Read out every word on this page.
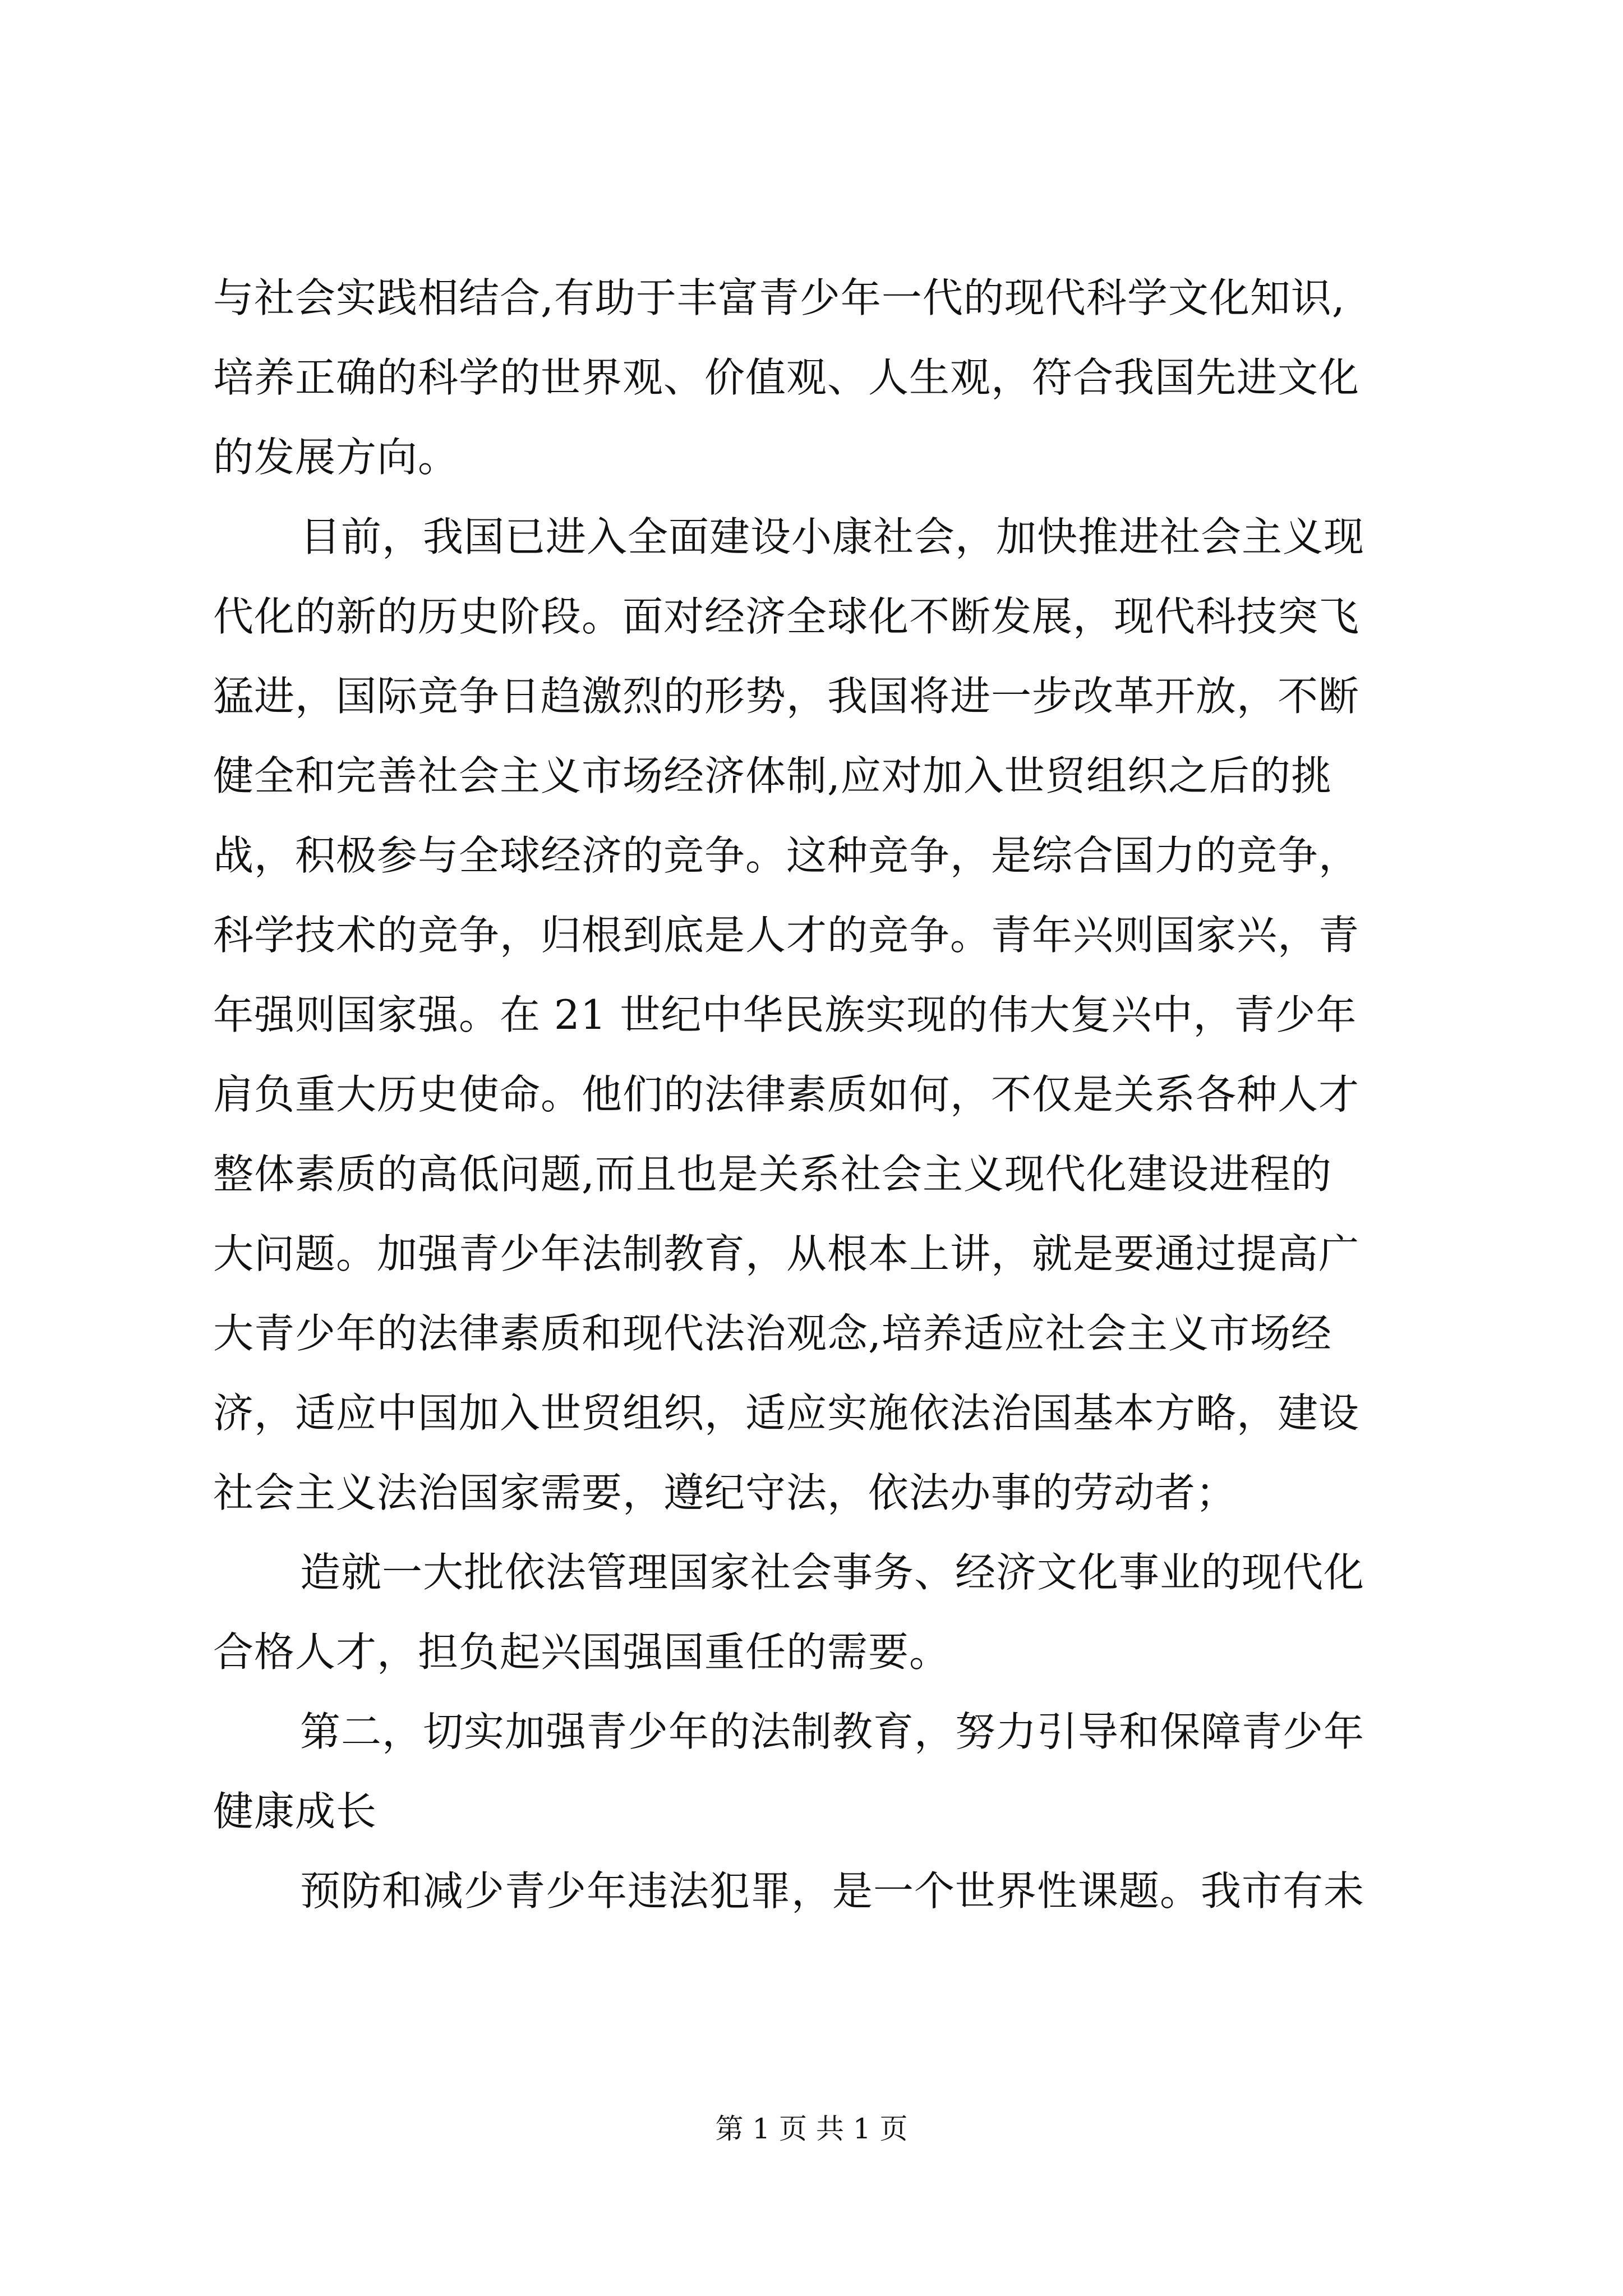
与社会实践相结合,有助于丰富青少年一代的现代科学文化知识,
培养正确的科学的世界观、价值观、人生观，符合我国先进文化
的发展方向。
目前，我国已进入全面建设小康社会，加快推进社会主义现
代化的新的历史阶段。面对经济全球化不断发展，现代科技突飞
猛进，国际竞争日趋激烈的形势，我国将进一步改革开放，不断
健全和完善社会主义市场经济体制,应对加入世贸组织之后的挑
战，积极参与全球经济的竞争。这种竞争，是综合国力的竞争，
科学技术的竞争，归根到底是人才的竞争。青年兴则国家兴，青
年强则国家强。在 21 世纪中华民族实现的伟大复兴中，青少年
肩负重大历史使命。他们的法律素质如何，不仅是关系各种人才
整体素质的高低问题,而且也是关系社会主义现代化建设进程的
大问题。加强青少年法制教育，从根本上讲，就是要通过提高广
大青少年的法律素质和现代法治观念,培养适应社会主义市场经
济，适应中国加入世贸组织，适应实施依法治国基本方略，建设
社会主义法治国家需要，遵纪守法，依法办事的劳动者；
造就一大批依法管理国家社会事务、经济文化事业的现代化
合格人才，担负起兴国强国重任的需要。
第二，切实加强青少年的法制教育，努力引导和保障青少年
健康成长
预防和减少青少年违法犯罪，是一个世界性课题。我市有未
第 1 页 共 1 页
